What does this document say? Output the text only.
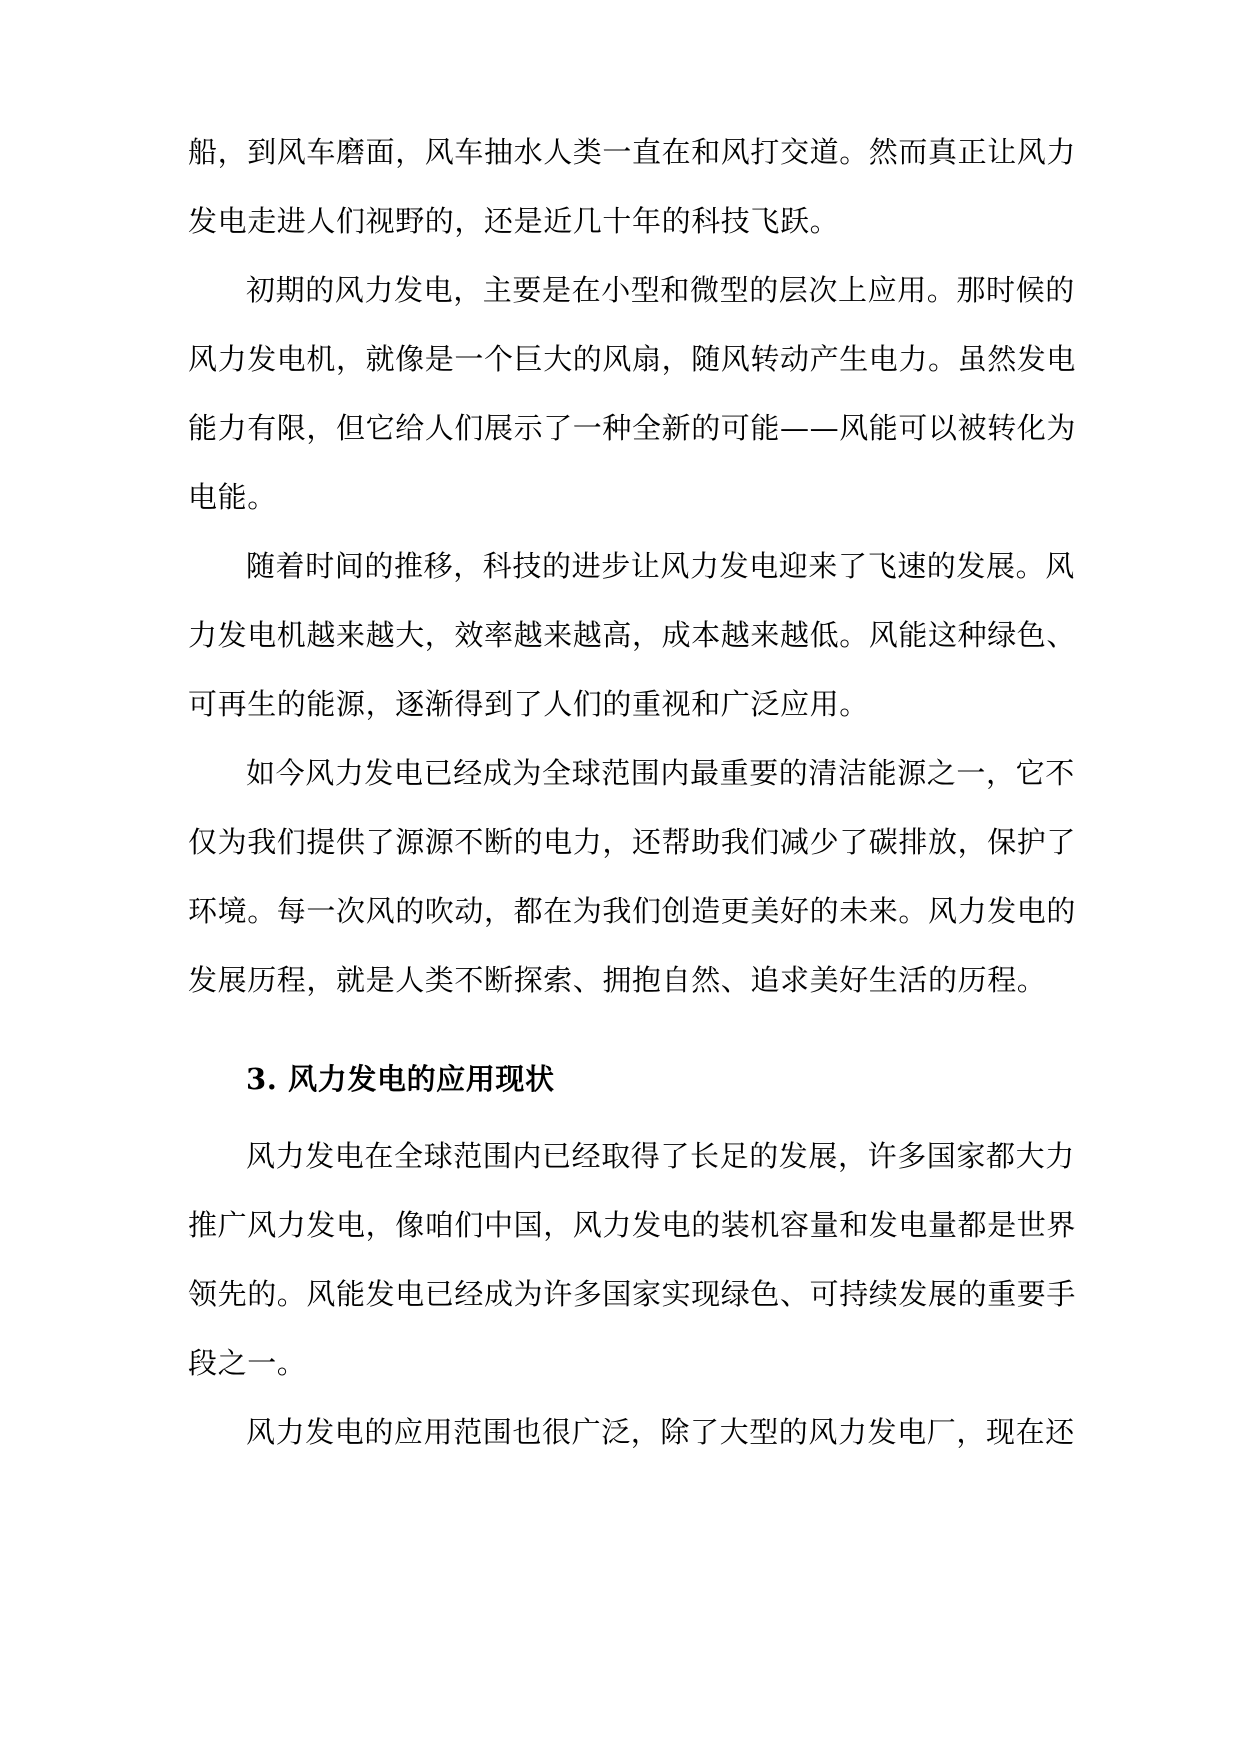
船，到风车磨面，风车抽水人类一直在和风打交道。然而真正让风力
发电走进人们视野的，还是近几十年的科技飞跃。
初期的风力发电，主要是在小型和微型的层次上应用。那时候的
风力发电机，就像是一个巨大的风扇，随风转动产生电力。虽然发电
能力有限，但它给人们展示了一种全新的可能——风能可以被转化为
电能。
随着时间的推移，科技的进步让风力发电迎来了飞速的发展。风
力发电机越来越大，效率越来越高，成本越来越低。风能这种绿色、
可再生的能源，逐渐得到了人们的重视和广泛应用。
如今风力发电已经成为全球范围内最重要的清洁能源之一，它不
仅为我们提供了源源不断的电力，还帮助我们减少了碳排放，保护了
环境。每一次风的吹动，都在为我们创造更美好的未来。风力发电的
发展历程，就是人类不断探索、拥抱自然、追求美好生活的历程。
3. 风力发电的应用现状
风力发电在全球范围内已经取得了长足的发展，许多国家都大力
推广风力发电，像咱们中国，风力发电的装机容量和发电量都是世界
领先的。风能发电已经成为许多国家实现绿色、可持续发展的重要手
段之一。
风力发电的应用范围也很广泛，除了大型的风力发电厂，现在还
